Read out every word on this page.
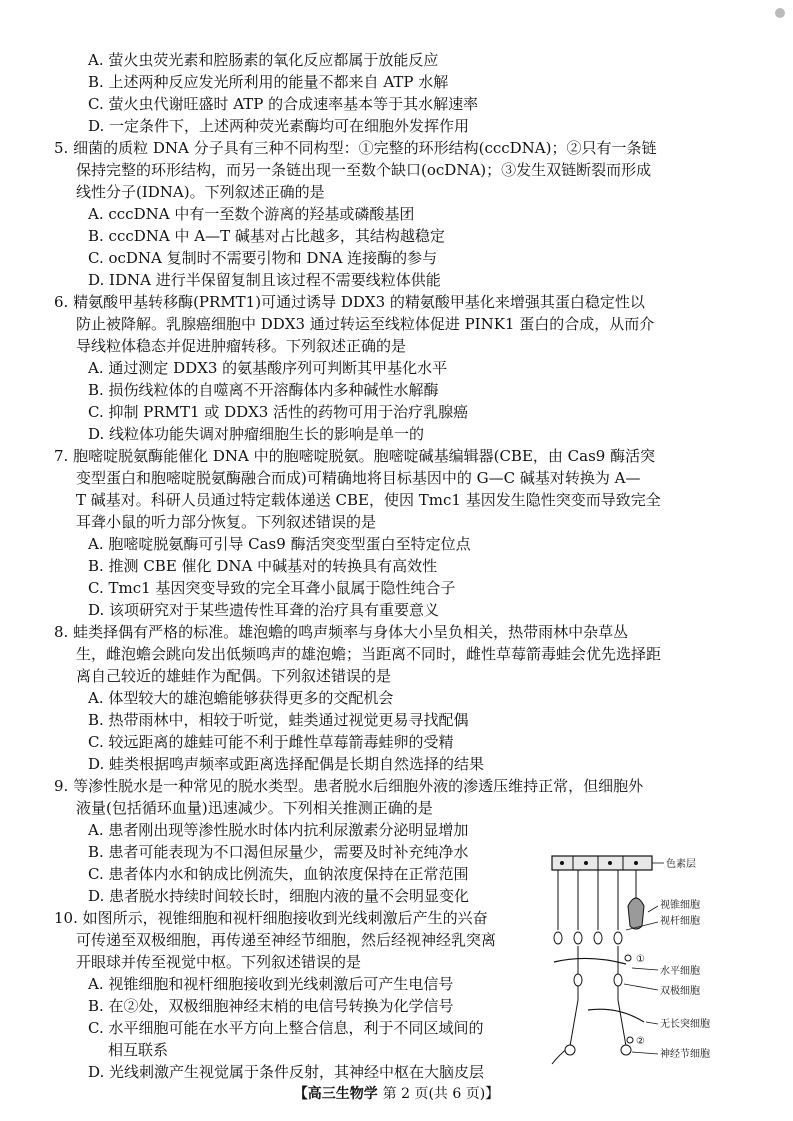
A. 萤火虫荧光素和腔肠素的氧化反应都属于放能反应
B. 上述两种反应发光所利用的能量不都来自 ATP 水解
C. 萤火虫代谢旺盛时 ATP 的合成速率基本等于其水解速率
D. 一定条件下，上述两种荧光素酶均可在细胞外发挥作用
5. 细菌的质粒 DNA 分子具有三种不同构型：①完整的环形结构(cccDNA)；②只有一条链
保持完整的环形结构，而另一条链出现一至数个缺口(ocDNA)；③发生双链断裂而形成
线性分子(IDNA)。下列叙述正确的是
A. cccDNA 中有一至数个游离的羟基或磷酸基团
B. cccDNA 中 A—T 碱基对占比越多，其结构越稳定
C. ocDNA 复制时不需要引物和 DNA 连接酶的参与
D. IDNA 进行半保留复制且该过程不需要线粒体供能
6. 精氨酸甲基转移酶(PRMT1)可通过诱导 DDX3 的精氨酸甲基化来增强其蛋白稳定性以
防止被降解。乳腺癌细胞中 DDX3 通过转运至线粒体促进 PINK1 蛋白的合成，从而介
导线粒体稳态并促进肿瘤转移。下列叙述正确的是
A. 通过测定 DDX3 的氨基酸序列可判断其甲基化水平
B. 损伤线粒体的自噬离不开溶酶体内多种碱性水解酶
C. 抑制 PRMT1 或 DDX3 活性的药物可用于治疗乳腺癌
D. 线粒体功能失调对肿瘤细胞生长的影响是单一的
7. 胞嘧啶脱氨酶能催化 DNA 中的胞嘧啶脱氨。胞嘧啶碱基编辑器(CBE，由 Cas9 酶活突
变型蛋白和胞嘧啶脱氨酶融合而成)可精确地将目标基因中的 G—C 碱基对转换为 A—
T 碱基对。科研人员通过特定载体递送 CBE，使因 Tmc1 基因发生隐性突变而导致完全
耳聋小鼠的听力部分恢复。下列叙述错误的是
A. 胞嘧啶脱氨酶可引导 Cas9 酶活突变型蛋白至特定位点
B. 推测 CBE 催化 DNA 中碱基对的转换具有高效性
C. Tmc1 基因突变导致的完全耳聋小鼠属于隐性纯合子
D. 该项研究对于某些遗传性耳聋的治疗具有重要意义
8. 蛙类择偶有严格的标准。雄泡蟾的鸣声频率与身体大小呈负相关，热带雨林中杂草丛
生，雌泡蟾会跳向发出低频鸣声的雄泡蟾；当距离不同时，雌性草莓箭毒蛙会优先选择距
离自己较近的雄蛙作为配偶。下列叙述错误的是
A. 体型较大的雄泡蟾能够获得更多的交配机会
B. 热带雨林中，相较于听觉，蛙类通过视觉更易寻找配偶
C. 较远距离的雄蛙可能不利于雌性草莓箭毒蛙卵的受精
D. 蛙类根据鸣声频率或距离选择配偶是长期自然选择的结果
9. 等渗性脱水是一种常见的脱水类型。患者脱水后细胞外液的渗透压维持正常，但细胞外
液量(包括循环血量)迅速减少。下列相关推测正确的是
A. 患者刚出现等渗性脱水时体内抗利尿激素分泌明显增加
B. 患者可能表现为不口渴但尿量少，需要及时补充纯净水
C. 患者体内水和钠成比例流失，血钠浓度保持在正常范围
D. 患者脱水持续时间较长时，细胞内液的量不会明显变化
10. 如图所示，视锥细胞和视杆细胞接收到光线刺激后产生的兴奋
可传递至双极细胞，再传递至神经节细胞，然后经视神经乳突离
开眼球并传至视觉中枢。下列叙述错误的是
A. 视锥细胞和视杆细胞接收到光线刺激后可产生电信号
B. 在②处，双极细胞神经末梢的电信号转换为化学信号
C. 水平细胞可能在水平方向上整合信息，利于不同区域间的
相互联系
色素层
视锥细胞
视杆细胞
①
水平细胞
双极细胞
无长突细胞
②
神经节细胞
【高三生物学 第 2 页(共 6 页)】
D. 光线刺激产生视觉属于条件反射，其神经中枢在大脑皮层
